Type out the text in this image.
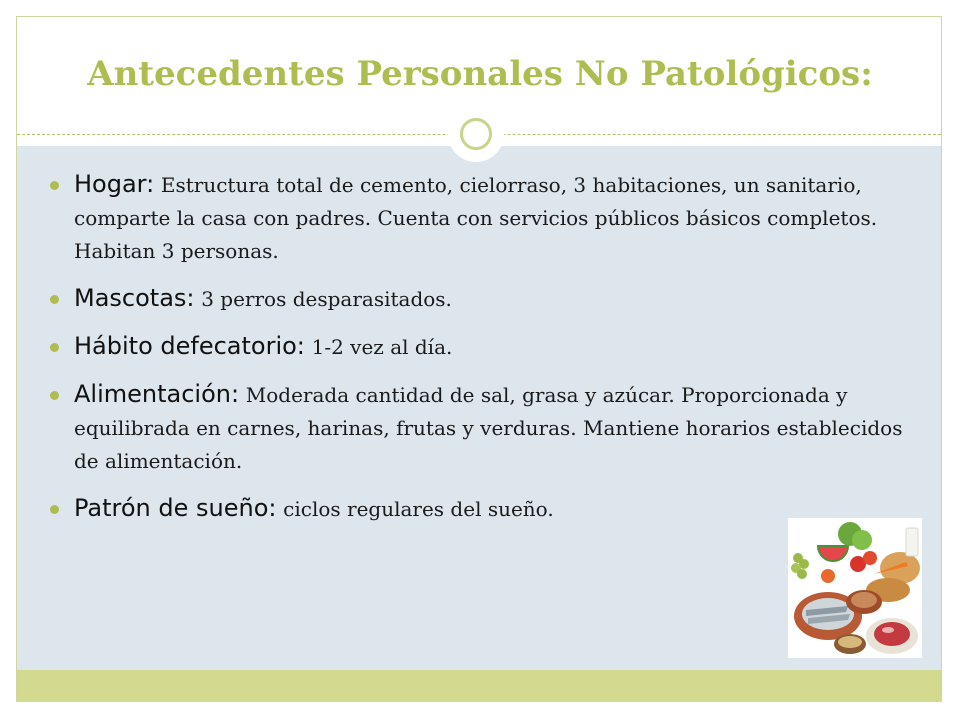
Antecedentes Personales No Patológicos:
Hogar: Estructura total de cemento, cielorraso, 3 habitaciones, un sanitario, comparte la casa con padres. Cuenta con servicios públicos básicos completos. Habitan 3 personas.
Mascotas: 3 perros desparasitados.
Hábito defecatorio: 1-2 vez al día.
Alimentación: Moderada cantidad de sal, grasa y azúcar. Proporcionada y equilibrada en carnes, harinas, frutas y verduras. Mantiene horarios establecidos de alimentación.
Patrón de sueño: ciclos regulares del sueño.
